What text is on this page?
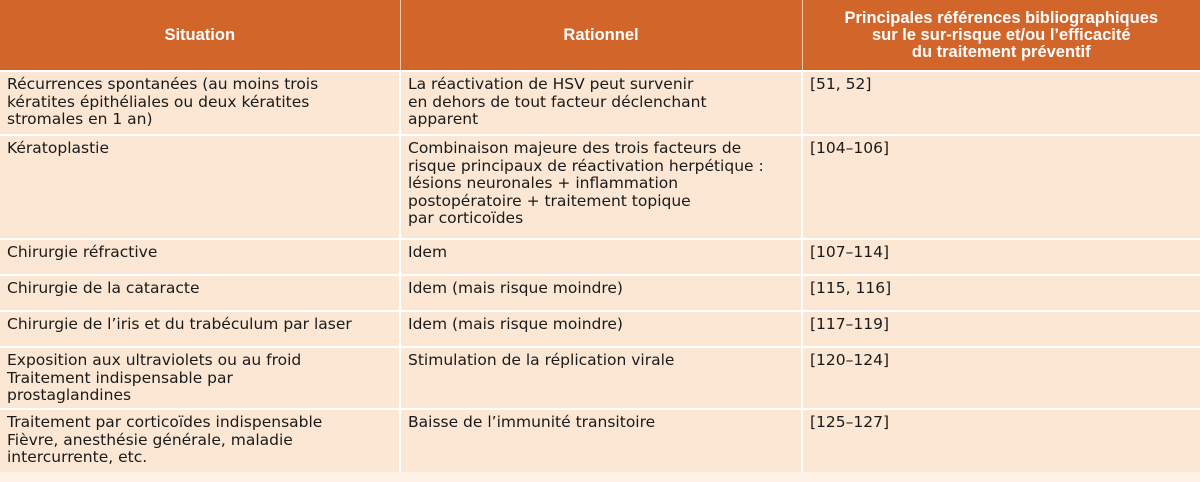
Situation	Rationnel	Principales références bibliographiques
sur le sur-risque et/ou l’efficacité
du traitement préventif
Récurrences spontanées (au moins trois
kératites épithéliales ou deux kératites
stromales en 1 an)	La réactivation de HSV peut survenir
en dehors de tout facteur déclenchant
apparent	[51, 52]
Kératoplastie	Combinaison majeure des trois facteurs de
risque principaux de réactivation herpétique :
lésions neuronales + inflammation
postopératoire + traitement topique
par corticoïdes	[104–106]
Chirurgie réfractive	Idem	[107–114]
Chirurgie de la cataracte	Idem (mais risque moindre)	[115, 116]
Chirurgie de l’iris et du trabéculum par laser	Idem (mais risque moindre)	[117–119]
Exposition aux ultraviolets ou au froid
Traitement indispensable par
prostaglandines	Stimulation de la réplication virale	[120–124]
Traitement par corticoïdes indispensable
Fièvre, anesthésie générale, maladie
intercurrente, etc.	Baisse de l’immunité transitoire	[125–127]
